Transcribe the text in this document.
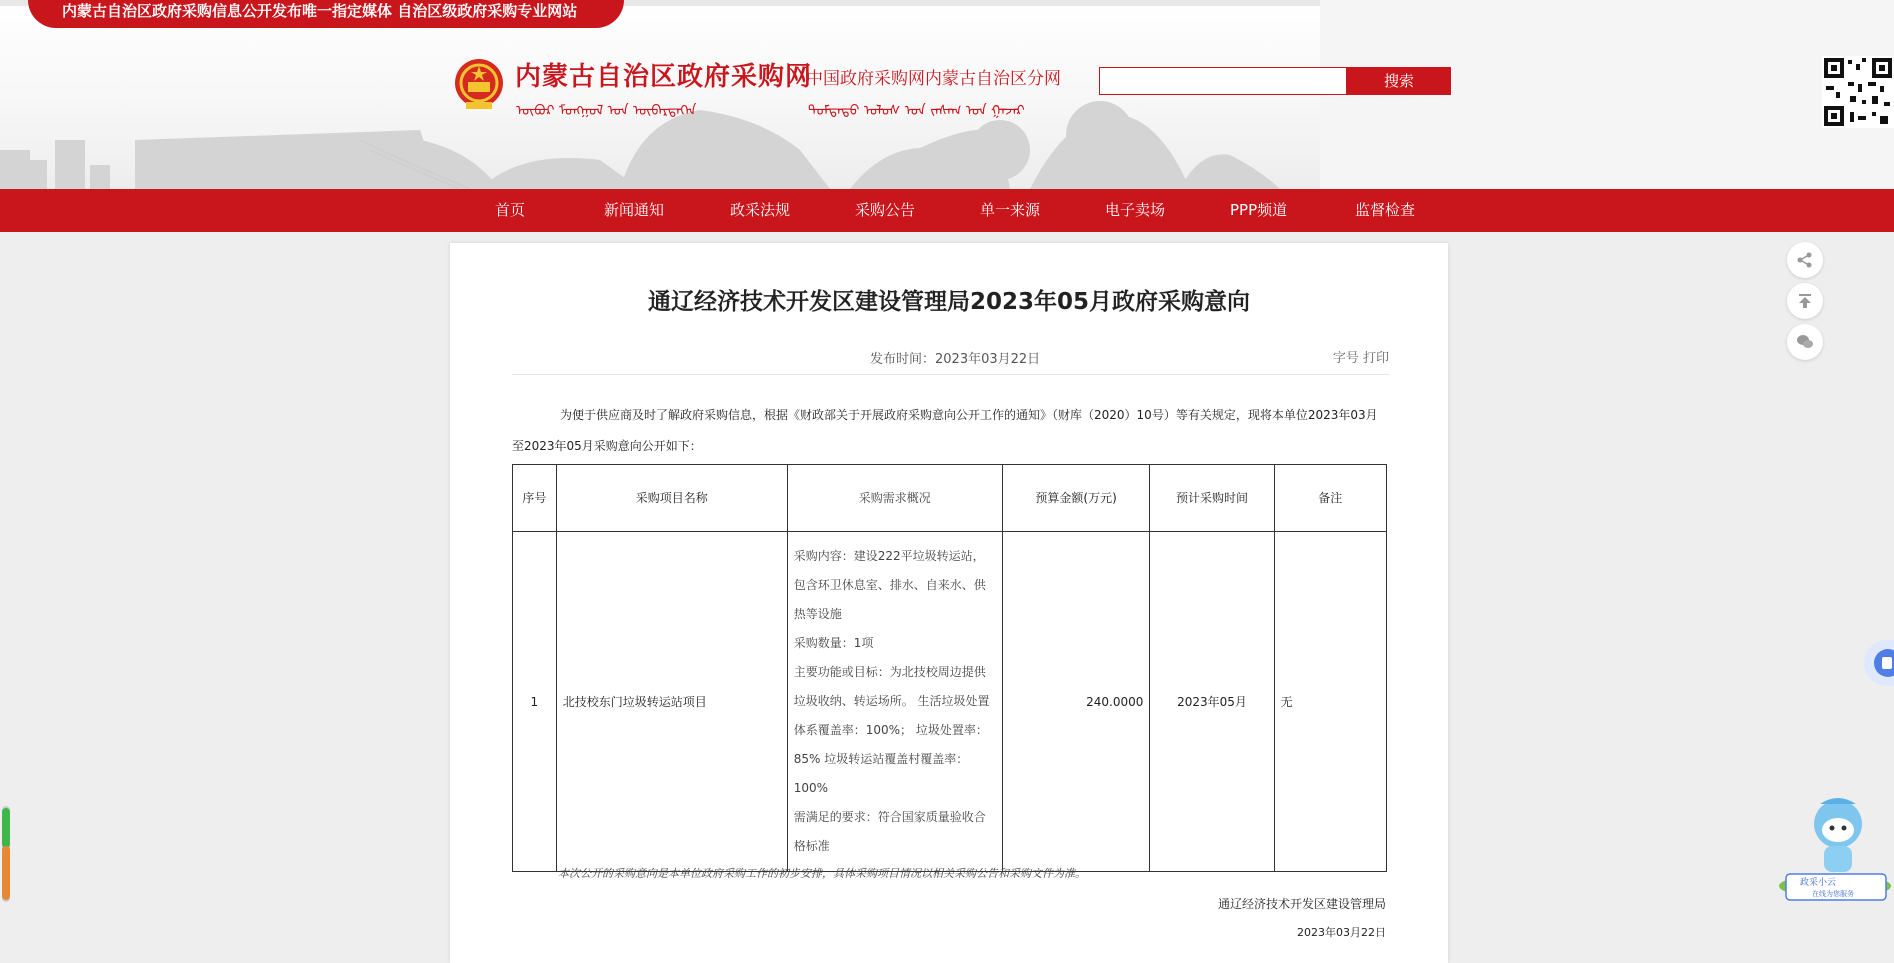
内蒙古自治区政府采购信息公开发布唯一指定媒体 自治区级政府采购专业网站
内蒙古自治区政府采购网
中国政府采购网内蒙古自治区分网
ᠥᠪᠥᠷ ᠮᠣᠩᠭᠣᠯ ᠤᠨ ᠥᠪᠡᠷᠲᠡᠭᠡᠨ	ᠳᠤᠮᠳᠠᠳᠤ ᠤᠯᠤᠰ ᠤᠨ ᠵᠠᠰᠠᠭ ᠤᠨ ᠭᠠᠵᠠᠷ
搜索
首页	新闻通知	政采法规	采购公告	单一来源	电子卖场	PPP频道	监督检查
通辽经济技术开发区建设管理局2023年05月政府采购意向
发布时间：2023年03月22日	字号 打印
为便于供应商及时了解政府采购信息，根据《财政部关于开展政府采购意向公开工作的通知》（财库（2020）10号）等有关规定，现将本单位2023年03月至2023年05月采购意向公开如下：
序号	采购项目名称	采购需求概况	预算金额(万元)	预计采购时间	备注
1	北技校东门垃圾转运站项目	采购内容：建设222平垃圾转运站，包含环卫休息室、排水、自来水、供热等设施
采购数量：1项
主要功能或目标：为北技校周边提供垃圾收纳、转运场所。 生活垃圾处置体系覆盖率：100%； 垃圾处置率：85% 垃圾转运站覆盖村覆盖率：100%
需满足的要求：符合国家质量验收合格标准	240.0000	2023年05月	无
本次公开的采购意向是本单位政府采购工作的初步安排，具体采购项目情况以相关采购公告和采购文件为准。
通辽经济技术开发区建设管理局
2023年03月22日
政采小云
在线为您服务
